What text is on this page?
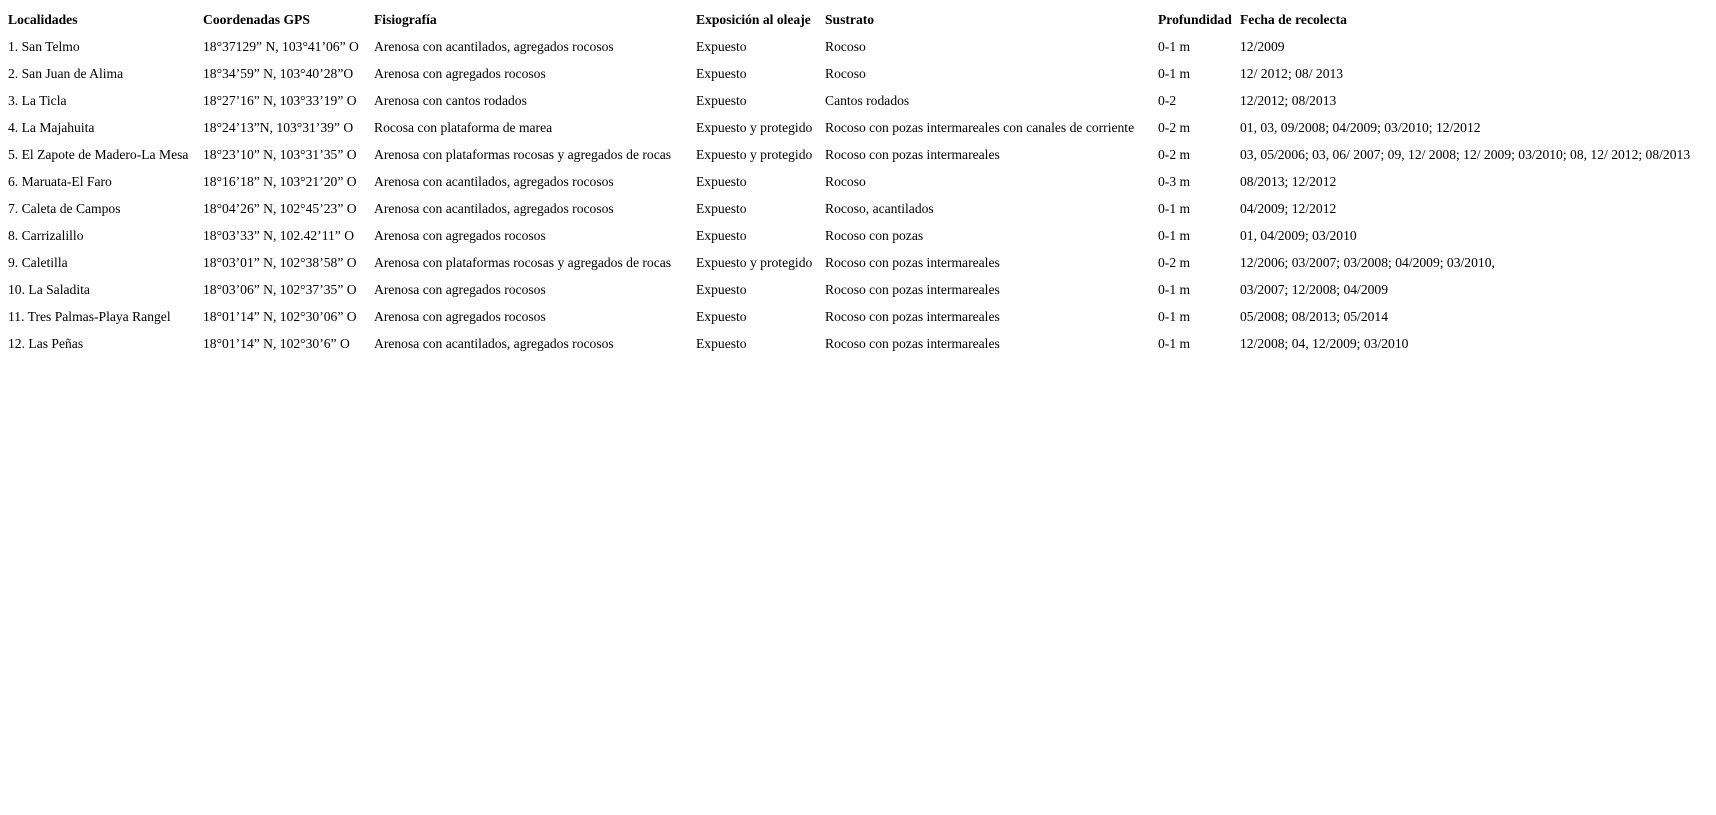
Localidades	Coordenadas GPS	Fisiografía	Exposición al oleaje	Sustrato	Profundidad	Fecha de recolecta
1. San Telmo	18°37129” N, 103°41’06” O	Arenosa con acantilados, agregados rocosos	Expuesto	Rocoso	0-1 m	12/2009
2. San Juan de Alima	18°34’59” N, 103°40’28”O	Arenosa con agregados rocosos	Expuesto	Rocoso	0-1 m	12/ 2012; 08/ 2013
3. La Ticla	18°27’16” N, 103°33’19” O	Arenosa con cantos rodados	Expuesto	Cantos rodados	0-2	12/2012; 08/2013
4. La Majahuita	18°24’13”N, 103°31’39” O	Rocosa con plataforma de marea	Expuesto y protegido	Rocoso con pozas intermareales con canales de corriente	0-2 m	01, 03, 09/2008; 04/2009; 03/2010; 12/2012
5. El Zapote de Madero-La Mesa	18°23’10” N, 103°31’35” O	Arenosa con plataformas rocosas y agregados de rocas	Expuesto y protegido	Rocoso con pozas intermareales	0-2 m	03, 05/2006; 03, 06/ 2007; 09, 12/ 2008; 12/ 2009; 03/2010; 08, 12/ 2012; 08/2013
6. Maruata-El Faro	18°16’18” N, 103°21’20” O	Arenosa con acantilados, agregados rocosos	Expuesto	Rocoso	0-3 m	08/2013; 12/2012
7. Caleta de Campos	18°04’26” N, 102°45’23” O	Arenosa con acantilados, agregados rocosos	Expuesto	Rocoso, acantilados	0-1 m	04/2009; 12/2012
8. Carrizalillo	18°03’33” N, 102.42’11” O	Arenosa con agregados rocosos	Expuesto	Rocoso con pozas	0-1 m	01, 04/2009; 03/2010
9. Caletilla	18°03’01” N, 102°38’58” O	Arenosa con plataformas rocosas y agregados de rocas	Expuesto y protegido	Rocoso con pozas intermareales	0-2 m	12/2006; 03/2007; 03/2008; 04/2009; 03/2010,
10. La Saladita	18°03’06” N, 102°37’35” O	Arenosa con agregados rocosos	Expuesto	Rocoso con pozas intermareales	0-1 m	03/2007; 12/2008; 04/2009
11. Tres Palmas-Playa Rangel	18°01’14” N, 102°30’06” O	Arenosa con agregados rocosos	Expuesto	Rocoso con pozas intermareales	0-1 m	05/2008; 08/2013; 05/2014
12. Las Peñas	18°01’14” N, 102°30’6” O	Arenosa con acantilados, agregados rocosos	Expuesto	Rocoso con pozas intermareales	0-1 m	12/2008; 04, 12/2009; 03/2010
